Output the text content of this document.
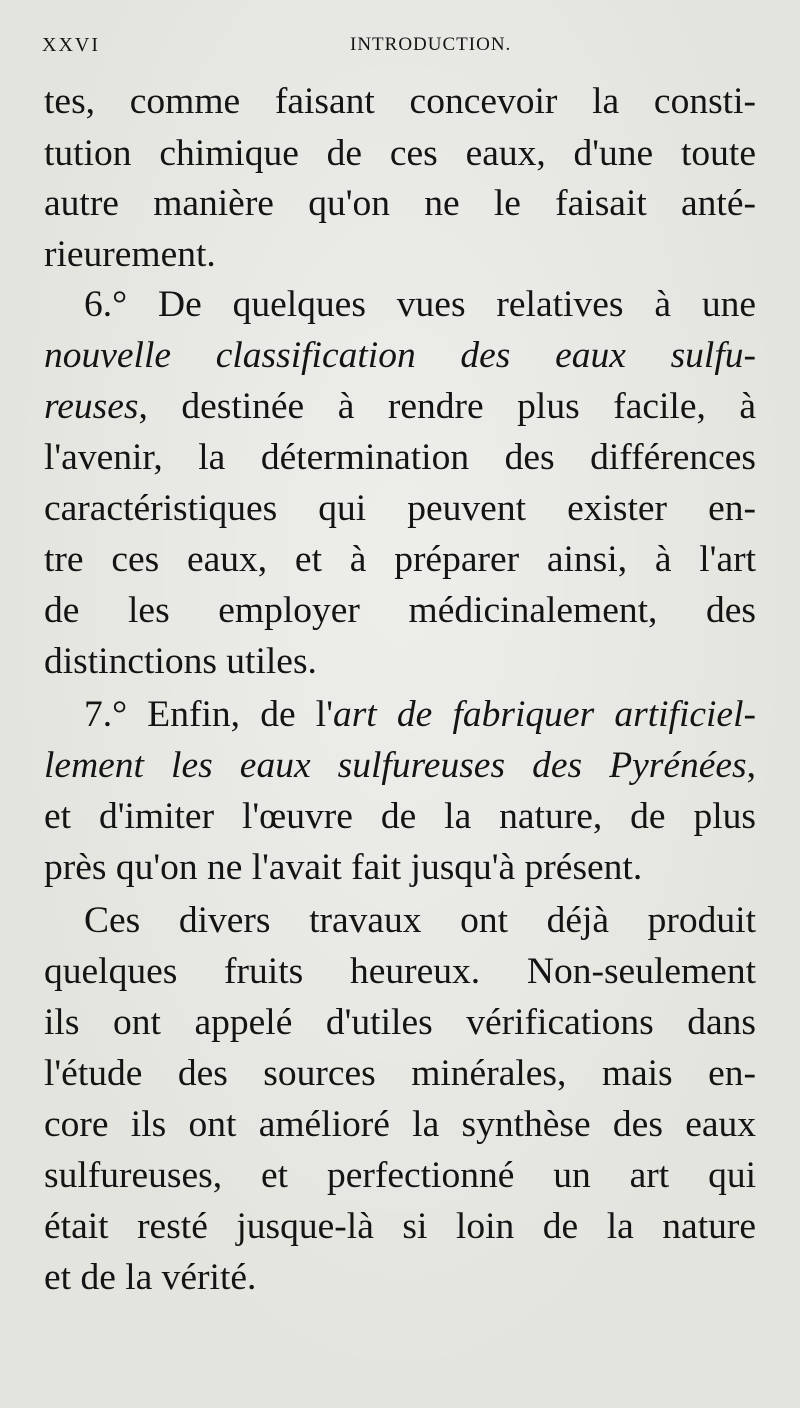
XXVI	INTRODUCTION.
tes, comme faisant concevoir la consti-
tution chimique de ces eaux, d'une toute
autre manière qu'on ne le faisait anté-
rieurement.
6.° De quelques vues relatives à une
nouvelle classification des eaux sulfu-
reuses, destinée à rendre plus facile, à
l'avenir, la détermination des différences
caractéristiques qui peuvent exister en-
tre ces eaux, et à préparer ainsi, à l'art
de les employer médicinalement, des
distinctions utiles.
7.° Enfin, de l'art de fabriquer artificiel-
lement les eaux sulfureuses des Pyrénées,
et d'imiter l'œuvre de la nature, de plus
près qu'on ne l'avait fait jusqu'à présent.
Ces divers travaux ont déjà produit
quelques fruits heureux. Non-seulement
ils ont appelé d'utiles vérifications dans
l'étude des sources minérales, mais en-
core ils ont amélioré la synthèse des eaux
sulfureuses, et perfectionné un art qui
était resté jusque-là si loin de la nature
et de la vérité.
